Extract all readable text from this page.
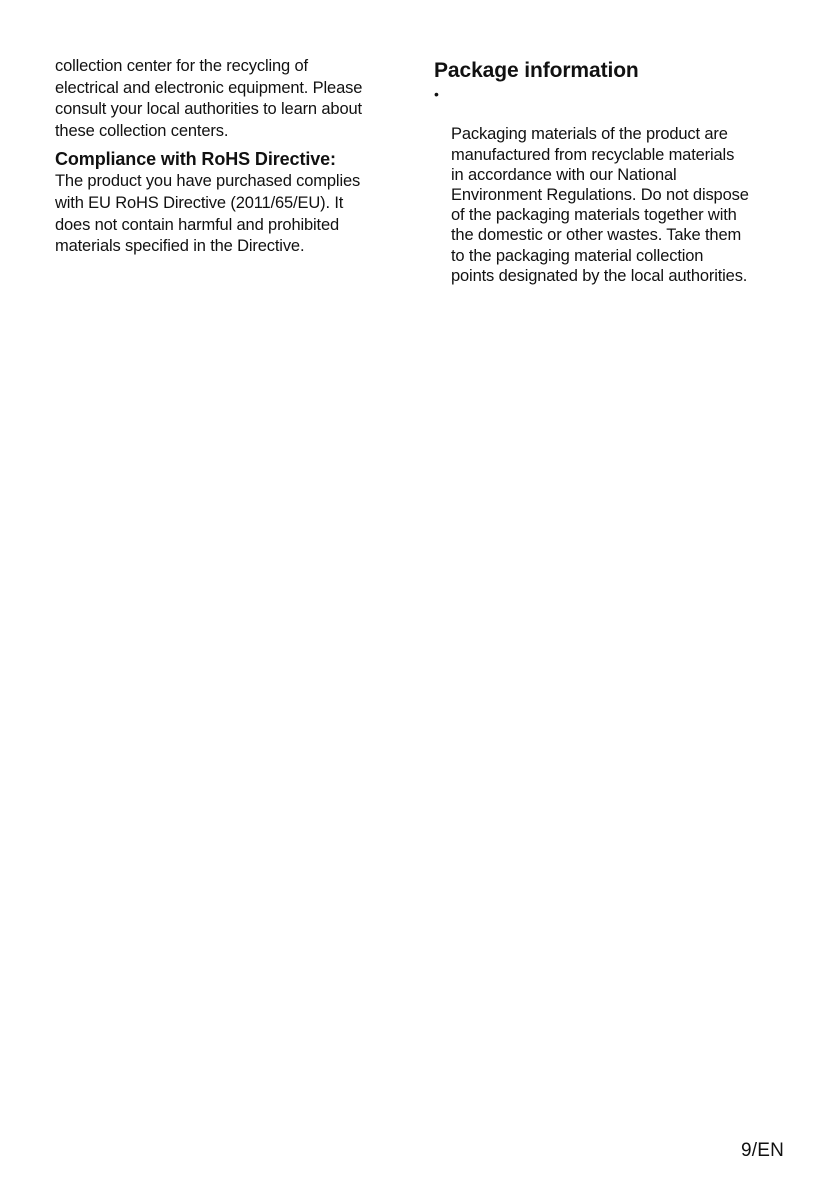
collection center for the recycling of
electrical and electronic equipment. Please
consult your local authorities to learn about
these collection centers.

Compliance with RoHS Directive:

The product you have purchased complies
with EU RoHS Directive (2011/65/EU). It
does not contain harmful and prohibited
materials specified in the Directive.

Package information

•

Packaging materials of the product are
manufactured from recyclable materials
in accordance with our National
Environment Regulations. Do not dispose
of the packaging materials together with
the domestic or other wastes. Take them
to the packaging material collection
points designated by the local authorities.

9/EN
